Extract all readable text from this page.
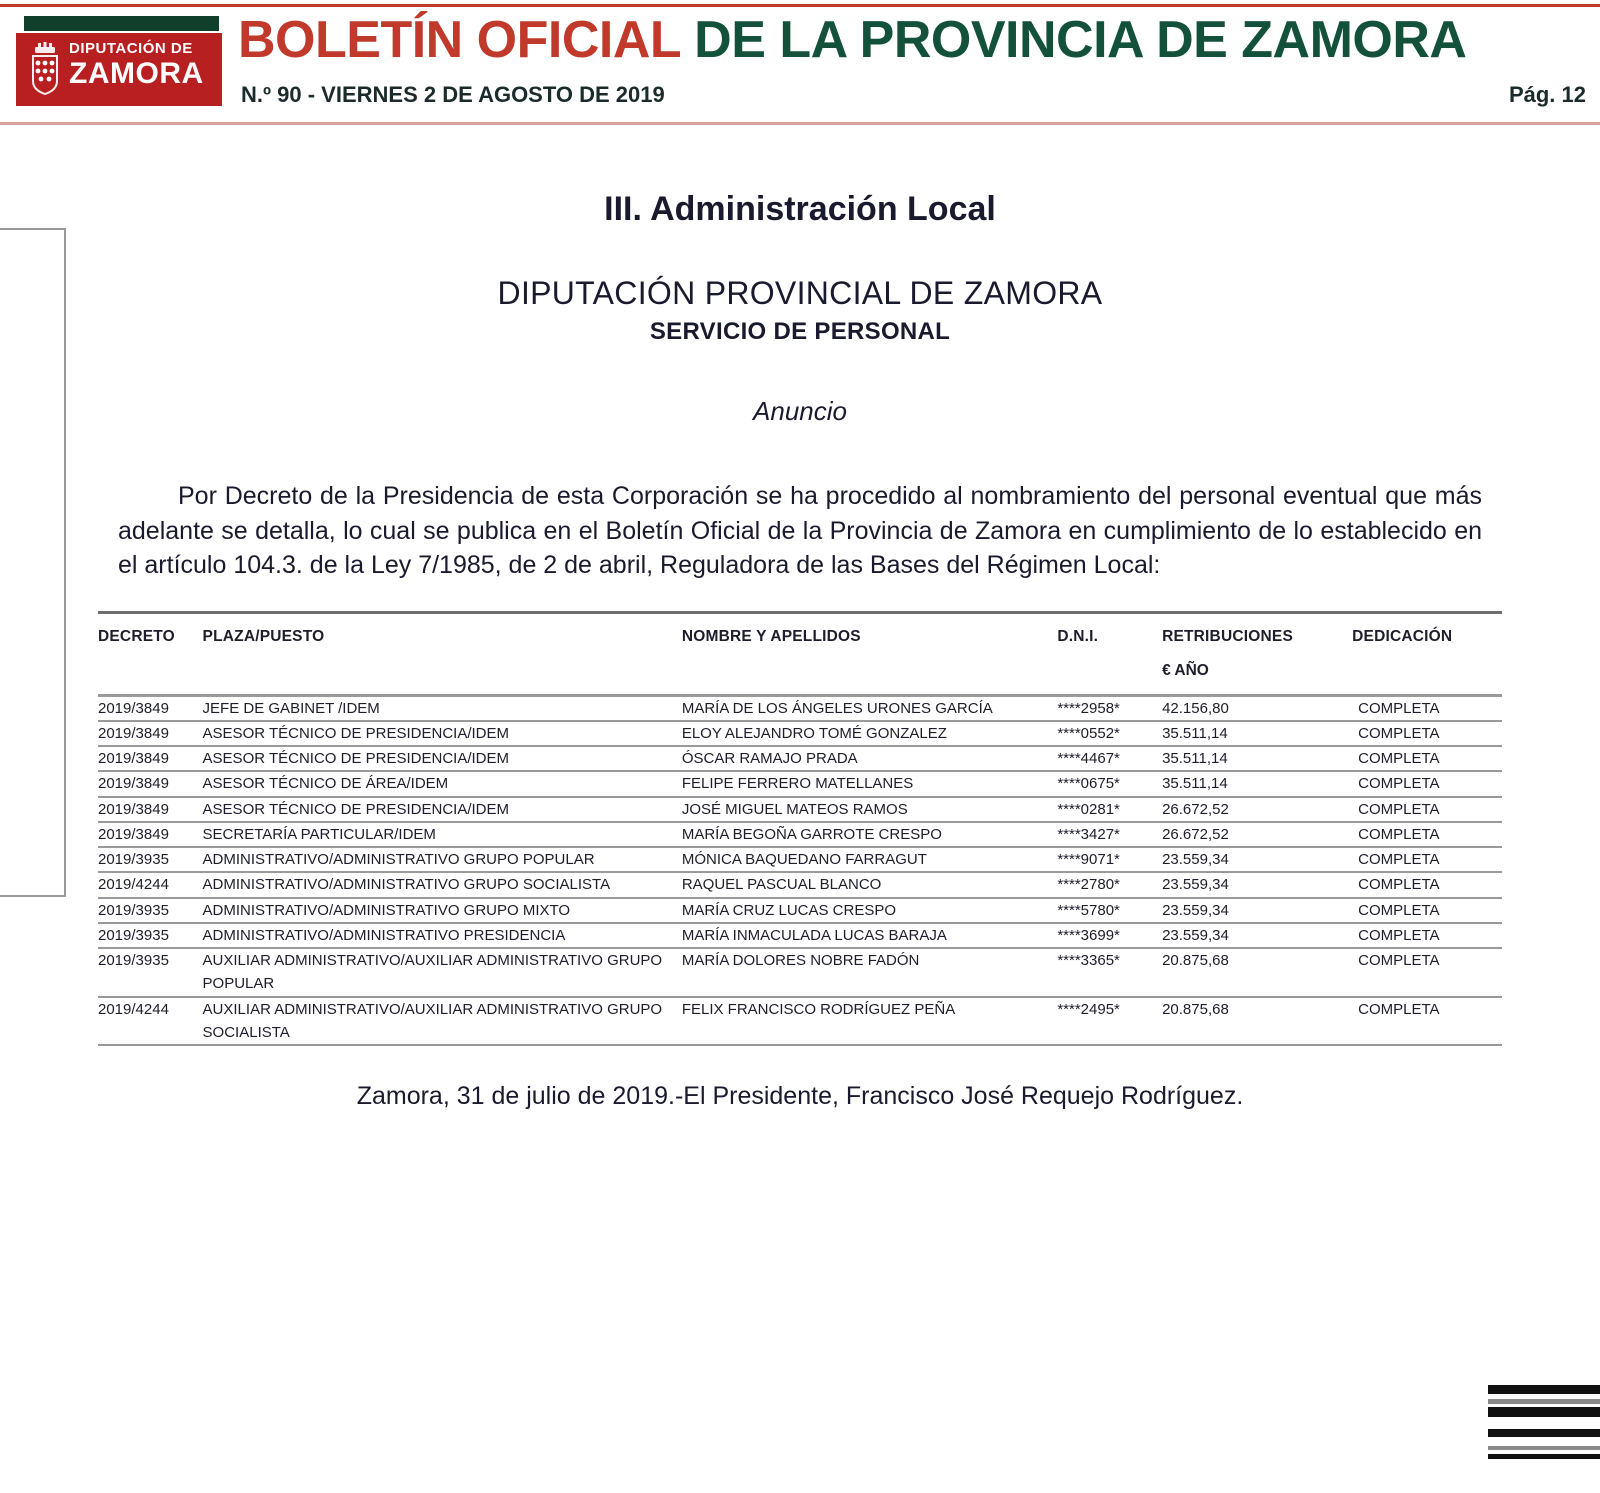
DIPUTACIÓN DE
ZAMORA
BOLETÍN OFICIAL DE LA PROVINCIA DE ZAMORA
N.º 90 - VIERNES 2 DE AGOSTO DE 2019	Pág. 12
III. Administración Local
DIPUTACIÓN PROVINCIAL DE ZAMORA
SERVICIO DE PERSONAL
Anuncio

Por Decreto de la Presidencia de esta Corporación se ha procedido al nombramiento del personal eventual que más adelante se detalla, lo cual se publica en el Boletín Oficial de la Provincia de Zamora en cumplimiento de lo establecido en el artículo 104.3. de la Ley 7/1985, de 2 de abril, Reguladora de las Bases del Régimen Local:

DECRETO	PLAZA/PUESTO	NOMBRE Y APELLIDOS	D.N.I.	RETRIBUCIONES	DEDICACIÓN
				€ AÑO	
2019/3849	JEFE DE GABINET /IDEM	MARÍA DE LOS ÁNGELES URONES GARCÍA	****2958*	42.156,80	COMPLETA
2019/3849	ASESOR TÉCNICO DE PRESIDENCIA/IDEM	ELOY ALEJANDRO TOMÉ GONZALEZ	****0552*	35.511,14	COMPLETA
2019/3849	ASESOR TÉCNICO DE PRESIDENCIA/IDEM	ÓSCAR RAMAJO PRADA	****4467*	35.511,14	COMPLETA
2019/3849	ASESOR TÉCNICO DE ÁREA/IDEM	FELIPE FERRERO MATELLANES	****0675*	35.511,14	COMPLETA
2019/3849	ASESOR TÉCNICO DE PRESIDENCIA/IDEM	JOSÉ MIGUEL MATEOS RAMOS	****0281*	26.672,52	COMPLETA
2019/3849	SECRETARÍA PARTICULAR/IDEM	MARÍA BEGOÑA GARROTE CRESPO	****3427*	26.672,52	COMPLETA
2019/3935	ADMINISTRATIVO/ADMINISTRATIVO GRUPO POPULAR	MÓNICA BAQUEDANO FARRAGUT	****9071*	23.559,34	COMPLETA
2019/4244	ADMINISTRATIVO/ADMINISTRATIVO GRUPO SOCIALISTA	RAQUEL PASCUAL BLANCO	****2780*	23.559,34	COMPLETA
2019/3935	ADMINISTRATIVO/ADMINISTRATIVO GRUPO MIXTO	MARÍA CRUZ LUCAS CRESPO	****5780*	23.559,34	COMPLETA
2019/3935	ADMINISTRATIVO/ADMINISTRATIVO PRESIDENCIA	MARÍA INMACULADA LUCAS BARAJA	****3699*	23.559,34	COMPLETA
2019/3935	AUXILIAR ADMINISTRATIVO/AUXILIAR ADMINISTRATIVO GRUPO POPULAR	MARÍA DOLORES NOBRE FADÓN	****3365*	20.875,68	COMPLETA
2019/4244	AUXILIAR ADMINISTRATIVO/AUXILIAR ADMINISTRATIVO GRUPO SOCIALISTA	FELIX FRANCISCO RODRÍGUEZ PEÑA	****2495*	20.875,68	COMPLETA
Zamora, 31 de julio de 2019.-El Presidente, Francisco José Requejo Rodríguez.
